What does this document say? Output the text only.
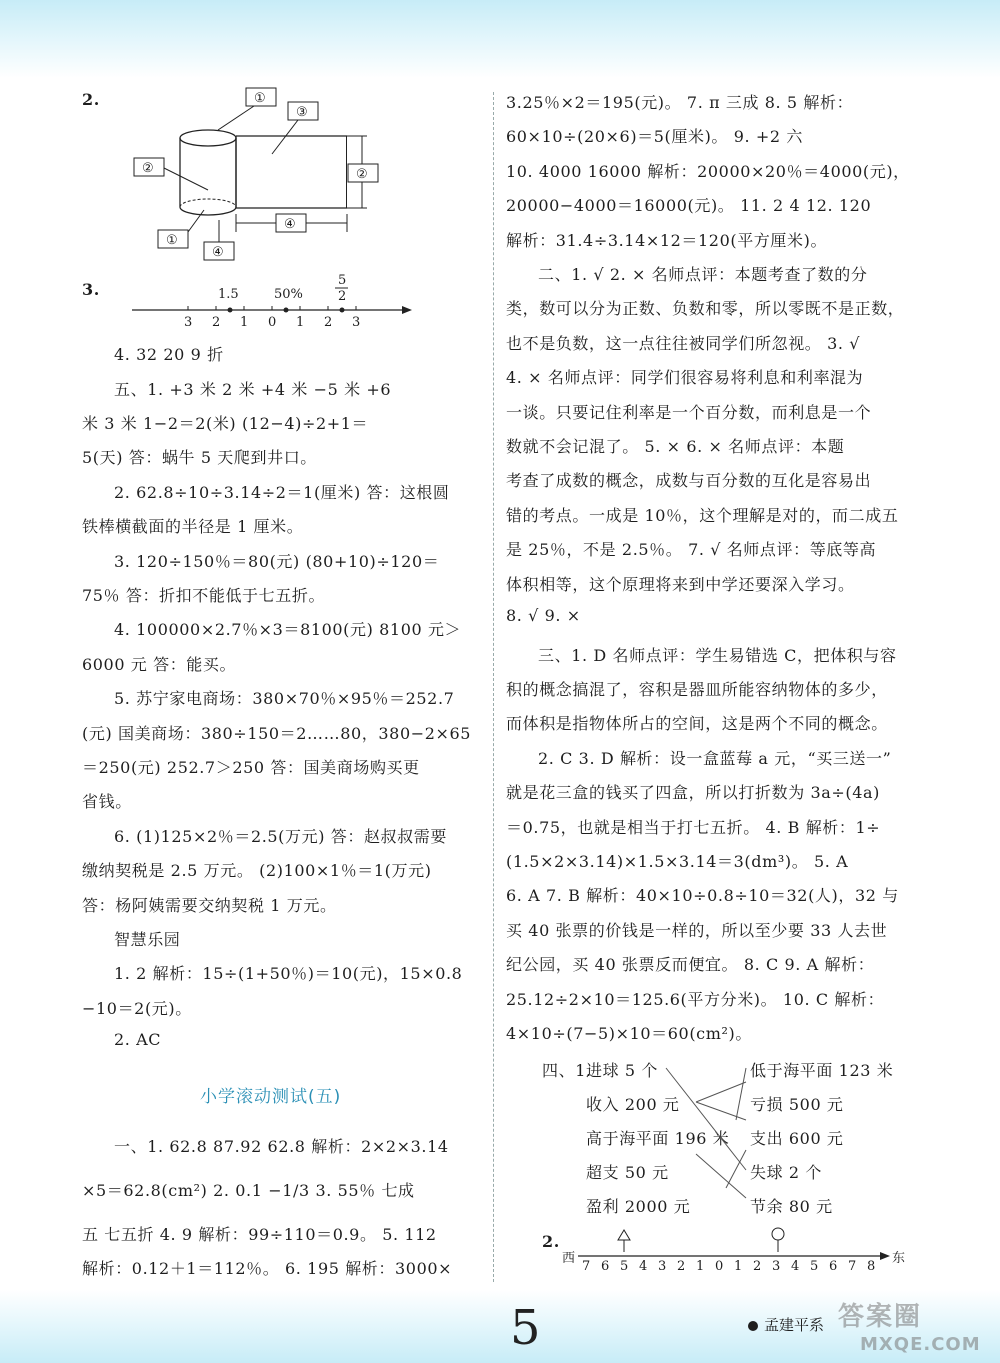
2.	①
③
②	②
①
④
④
3.	1.5	50%
5
2
3 2 1 0 1 2 3
4. 32 20 9 折
五、1. +3 米 2 米 +4 米 −5 米 +6
米 3 米 1−2＝2(米) (12−4)÷2+1＝
5(天) 答：蜗牛 5 天爬到井口。
2. 62.8÷10÷3.14÷2＝1(厘米) 答：这根圆
铁棒横截面的半径是 1 厘米。
3. 120÷150％＝80(元) (80+10)÷120＝
75％ 答：折扣不能低于七五折。
4. 100000×2.7％×3＝8100(元) 8100 元＞
6000 元 答：能买。
5. 苏宁家电商场：380×70％×95％＝252.7
(元) 国美商场：380÷150＝2……80，380−2×65
＝250(元) 252.7＞250 答：国美商场购买更
省钱。
6. (1)125×2％＝2.5(万元) 答：赵叔叔需要
缴纳契税是 2.5 万元。 (2)100×1％＝1(万元)
答：杨阿姨需要交纳契税 1 万元。
智慧乐园
1. 2 解析：15÷(1+50％)＝10(元)，15×0.8
−10＝2(元)。
2. AC
一、1. 62.8 87.92 62.8 解析：2×2×3.14
×5＝62.8(cm²) 2. 0.1 −1/3 3. 55％ 七成
五 七五折 4. 9 解析：99÷110＝0.9。 5. 112
解析：0.12＋1＝112％。 6. 195 解析：3000×
小学滚动测试(五)
3.25％×2＝195(元)。 7. π 三成 8. 5 解析：
60×10÷(20×6)＝5(厘米)。 9. +2 六
10. 4000 16000 解析：20000×20％＝4000(元)，
20000−4000＝16000(元)。 11. 2 4 12. 120
解析：31.4÷3.14×12＝120(平方厘米)。
二、1. √ 2. × 名师点评：本题考查了数的分
类，数可以分为正数、负数和零，所以零既不是正数，
也不是负数，这一点往往被同学们所忽视。 3. √
4. × 名师点评：同学们很容易将利息和利率混为
一谈。只要记住利率是一个百分数，而利息是一个
数就不会记混了。 5. × 6. × 名师点评：本题
考查了成数的概念，成数与百分数的互化是容易出
错的考点。一成是 10％，这个理解是对的，而二成五
是 25％，不是 2.5％。 7. √ 名师点评：等底等高
体积相等，这个原理将来到中学还要深入学习。
8. √ 9. ×
三、1. D 名师点评：学生易错选 C，把体积与容
积的概念搞混了，容积是器皿所能容纳物体的多少，
而体积是指物体所占的空间，这是两个不同的概念。
2. C 3. D 解析：设一盒蓝莓 a 元，“买三送一”
就是花三盒的钱买了四盒，所以打折数为 3a÷(4a)
＝0.75，也就是相当于打七五折。 4. B 解析：1÷
(1.5×2×3.14)×1.5×3.14＝3(dm³)。 5. A
6. A 7. B 解析：40×10÷0.8÷10＝32(人)，32 与
买 40 张票的价钱是一样的，所以至少要 33 人去世
纪公园，买 40 张票反而便宜。 8. C 9. A 解析：
25.12÷2×10＝125.6(平方分米)。 10. C 解析：
4×10÷(7−5)×10＝60(cm²)。
四、1.
进球 5 个
收入 200 元
高于海平面 196 米
超支 50 元
盈利 2000 元
低于海平面 123 米
亏损 500 元
支出 600 元
失球 2 个
节余 80 元
2.
西	东
7 6 5 4 3 2 1 0 1 2 3 4 5 6 7 8
5	孟建平系 答案圈
MXQE.COM
